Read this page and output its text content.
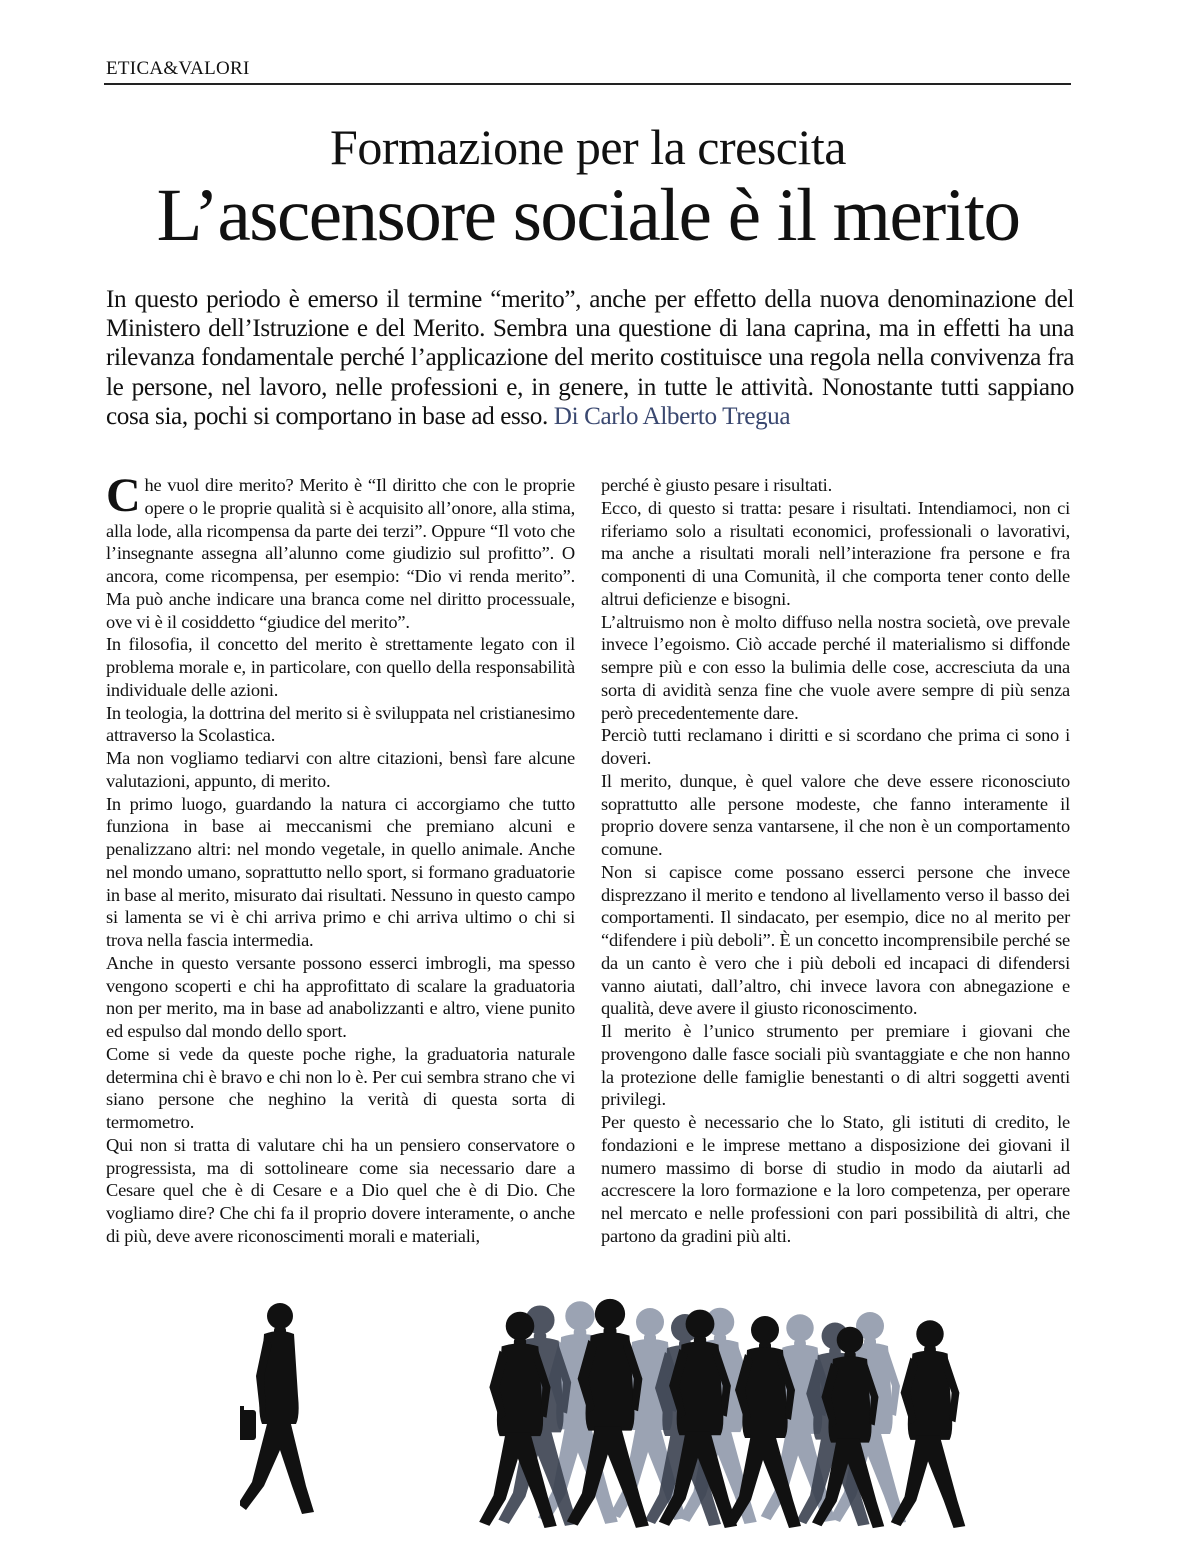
ETICA&VALORI
Formazione per la crescita
L’ascensore sociale è il merito
In questo periodo è emerso il termine “merito”, anche per effetto della nuova denominazione del Ministero dell’Istruzione e del Merito. Sembra una questione di lana caprina, ma in effetti ha una rilevanza fondamentale perché l’applicazione del merito costituisce una regola nella convivenza fra le persone, nel lavoro, nelle professioni e, in genere, in tutte le attività. Nonostante tutti sappiano cosa sia, pochi si comportano in base ad esso. Di Carlo Alberto Tregua

Che vuol dire merito? Merito è “Il diritto che con le proprie opere o le proprie qualità si è acquisito all’onore, alla stima, alla lode, alla ricompensa da parte dei terzi”. Oppure “Il voto che l’insegnante assegna all’alunno come giudizio sul profitto”. O ancora, come ricompensa, per esempio: “Dio vi renda merito”. Ma può anche indicare una branca come nel diritto processuale, ove vi è il cosiddetto “giudice del merito”.

In filosofia, il concetto del merito è strettamente legato con il problema morale e, in particolare, con quello della responsabilità individuale delle azioni.

In teologia, la dottrina del merito si è sviluppata nel cristianesimo attraverso la Scolastica.

Ma non vogliamo tediarvi con altre citazioni, bensì fare alcune valutazioni, appunto, di merito.

In primo luogo, guardando la natura ci accorgiamo che tutto funziona in base ai meccanismi che premiano alcuni e penalizzano altri: nel mondo vegetale, in quello animale. Anche nel mondo umano, soprattutto nello sport, si formano graduatorie in base al merito, misurato dai risultati. Nessuno in questo campo si lamenta se vi è chi arriva primo e chi arriva ultimo o chi si trova nella fascia intermedia.

Anche in questo versante possono esserci imbrogli, ma spesso vengono scoperti e chi ha approfittato di scalare la graduatoria non per merito, ma in base ad anabolizzanti e altro, viene punito ed espulso dal mondo dello sport.

Come si vede da queste poche righe, la graduatoria naturale determina chi è bravo e chi non lo è. Per cui sembra strano che vi siano persone che neghino la verità di questa sorta di termometro.

Qui non si tratta di valutare chi ha un pensiero conservatore o progressista, ma di sottolineare come sia necessario dare a Cesare quel che è di Cesare e a Dio quel che è di Dio. Che vogliamo dire? Che chi fa il proprio dovere interamente, o anche di più, deve avere riconoscimenti morali e materiali,

perché è giusto pesare i risultati.

Ecco, di questo si tratta: pesare i risultati. Intendiamoci, non ci riferiamo solo a risultati economici, professionali o lavorativi, ma anche a risultati morali nell’interazione fra persone e fra componenti di una Comunità, il che comporta tener conto delle altrui deficienze e bisogni.

L’altruismo non è molto diffuso nella nostra società, ove prevale invece l’egoismo. Ciò accade perché il materialismo si diffonde sempre più e con esso la bulimia delle cose, accresciuta da una sorta di avidità senza fine che vuole avere sempre di più senza però precedentemente dare.

Perciò tutti reclamano i diritti e si scordano che prima ci sono i doveri.

Il merito, dunque, è quel valore che deve essere riconosciuto soprattutto alle persone modeste, che fanno interamente il proprio dovere senza vantarsene, il che non è un comportamento comune.

Non si capisce come possano esserci persone che invece disprezzano il merito e tendono al livellamento verso il basso dei comportamenti. Il sindacato, per esempio, dice no al merito per “difendere i più deboli”. È un concetto incomprensibile perché se da un canto è vero che i più deboli ed incapaci di difendersi vanno aiutati, dall’altro, chi invece lavora con abnegazione e qualità, deve avere il giusto riconoscimento.

Il merito è l’unico strumento per premiare i giovani che provengono dalle fasce sociali più svantaggiate e che non hanno la protezione delle famiglie benestanti o di altri soggetti aventi privilegi.

Per questo è necessario che lo Stato, gli istituti di credito, le fondazioni e le imprese mettano a disposizione dei giovani il numero massimo di borse di studio in modo da aiutarli ad accrescere la loro formazione e la loro competenza, per operare nel mercato e nelle professioni con pari possibilità di altri, che partono da gradini più alti.
